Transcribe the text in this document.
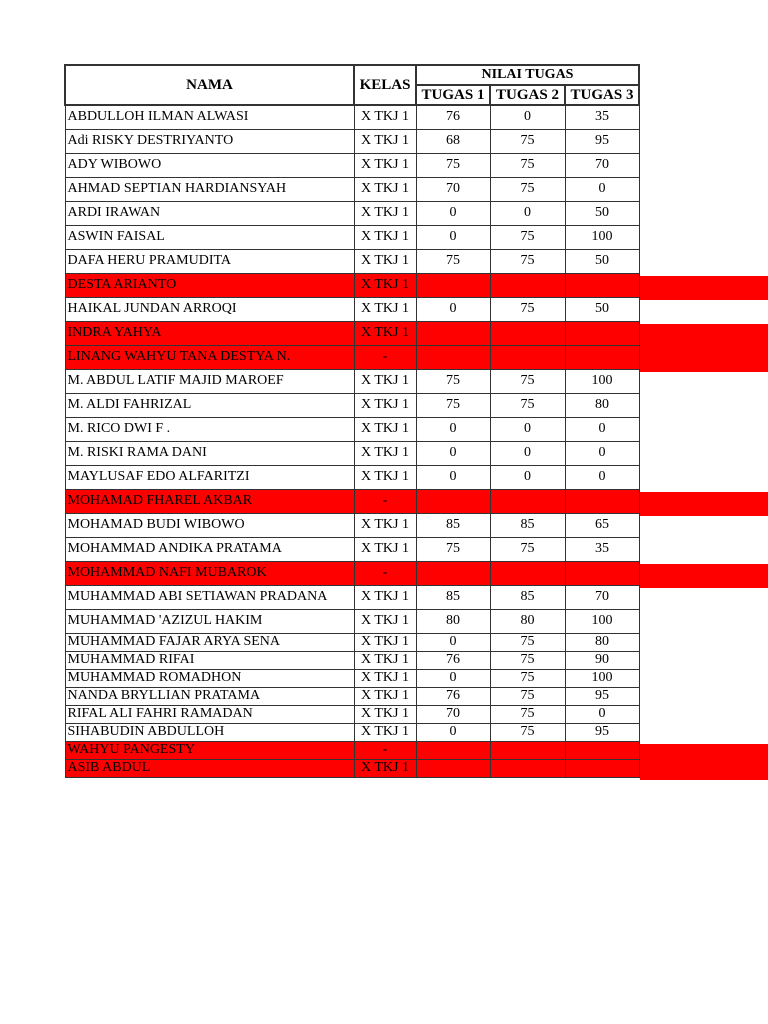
NAMA	KELAS	NILAI TUGAS		
		TUGAS 1	TUGAS 2	TUGAS 3
ABDULLOH ILMAN ALWASI	X TKJ 1	76	0	35
Adi RISKY DESTRIYANTO	X TKJ 1	68	75	95
ADY WIBOWO	X TKJ 1	75	75	70
AHMAD SEPTIAN HARDIANSYAH	X TKJ 1	70	75	0
ARDI IRAWAN	X TKJ 1	0	0	50
ASWIN FAISAL	X TKJ 1	0	75	100
DAFA HERU PRAMUDITA	X TKJ 1	75	75	50
DESTA ARIANTO	X TKJ 1			
HAIKAL JUNDAN ARROQI	X TKJ 1	0	75	50
INDRA YAHYA	X TKJ 1			
LINANG WAHYU TANA DESTYA N.	-			
M. ABDUL LATIF MAJID MAROEF	X TKJ 1	75	75	100
M. ALDI FAHRIZAL	X TKJ 1	75	75	80
M. RICO DWI F .	X TKJ 1	0	0	0
M. RISKI RAMA DANI	X TKJ 1	0	0	0
MAYLUSAF EDO ALFARITZI	X TKJ 1	0	0	0
MOHAMAD FHAREL AKBAR	-			
MOHAMAD BUDI WIBOWO	X TKJ 1	85	85	65
MOHAMMAD ANDIKA PRATAMA	X TKJ 1	75	75	35
MOHAMMAD NAFI MUBAROK	-			
MUHAMMAD ABI SETIAWAN PRADANA	X TKJ 1	85	85	70
MUHAMMAD 'AZIZUL HAKIM	X TKJ 1	80	80	100
MUHAMMAD FAJAR ARYA SENA	X TKJ 1	0	75	80
MUHAMMAD RIFAI	X TKJ 1	76	75	90
MUHAMMAD ROMADHON	X TKJ 1	0	75	100
NANDA BRYLLIAN PRATAMA	X TKJ 1	76	75	95
RIFAL ALI FAHRI RAMADAN	X TKJ 1	70	75	0
SIHABUDIN ABDULLOH	X TKJ 1	0	75	95
WAHYU PANGESTY	-			
ASIB ABDUL	X TKJ 1			
